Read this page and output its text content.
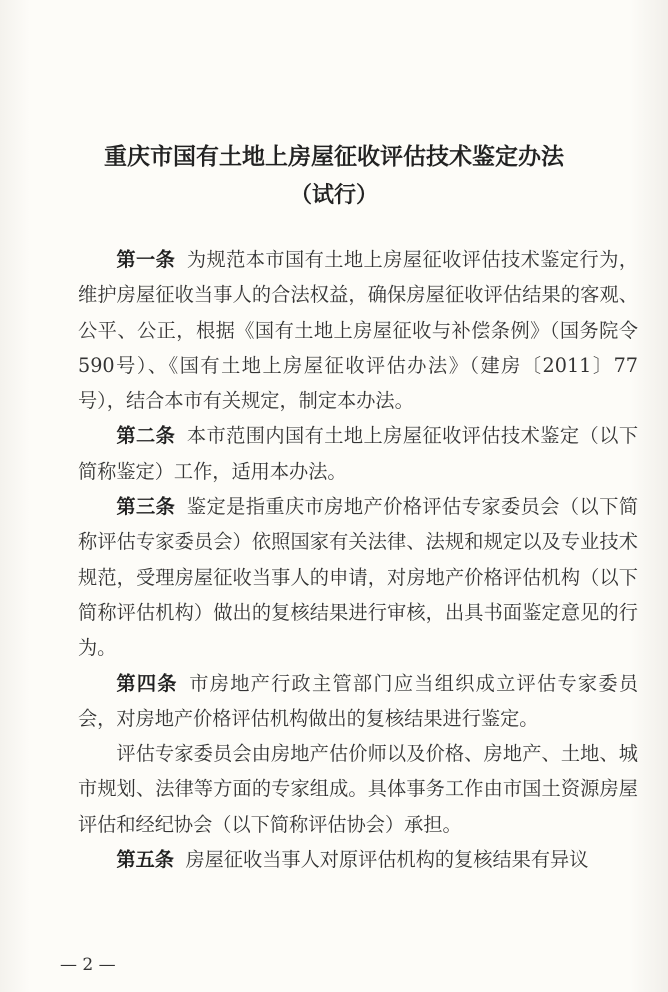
重庆市国有土地上房屋征收评估技术鉴定办法
（试行）

第一条 为规范本市国有土地上房屋征收评估技术鉴定行为，维护房屋征收当事人的合法权益，确保房屋征收评估结果的客观、公平、公正，根据《国有土地上房屋征收与补偿条例》（国务院令590号）、《国有土地上房屋征收评估办法》（建房〔2011〕77号），结合本市有关规定，制定本办法。

第二条 本市范围内国有土地上房屋征收评估技术鉴定（以下简称鉴定）工作，适用本办法。

第三条 鉴定是指重庆市房地产价格评估专家委员会（以下简称评估专家委员会）依照国家有关法律、法规和规定以及专业技术规范，受理房屋征收当事人的申请，对房地产价格评估机构（以下简称评估机构）做出的复核结果进行审核，出具书面鉴定意见的行为。

第四条 市房地产行政主管部门应当组织成立评估专家委员会，对房地产价格评估机构做出的复核结果进行鉴定。

评估专家委员会由房地产估价师以及价格、房地产、土地、城市规划、法律等方面的专家组成。具体事务工作由市国土资源房屋评估和经纪协会（以下简称评估协会）承担。

第五条 房屋征收当事人对原评估机构的复核结果有异议

— 2 —
